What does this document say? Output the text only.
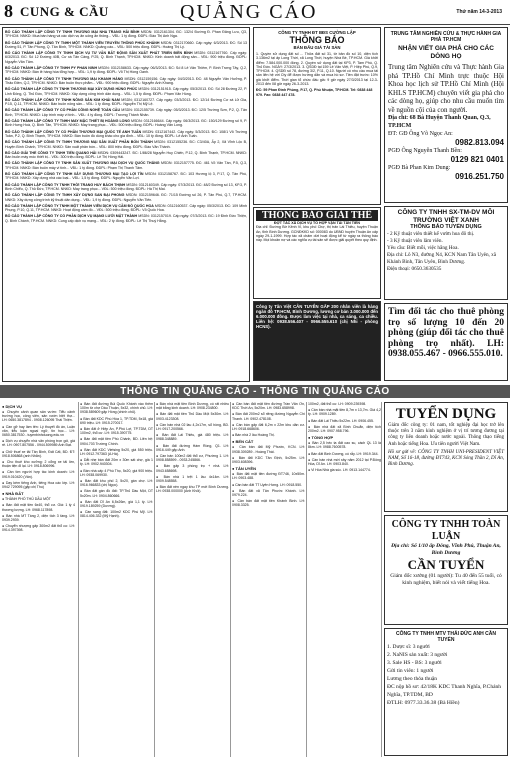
8 CUNG & CẦU	QUẢNG CÁO	Thứ năm 14-3-2013

BỐ CÁO THÀNH LẬP CÔNG TY TNHH THƯƠNG MẠI NHA TRANG HẢI BÌNH MSDN: 0312161304. ĐC: 132/4 Đường Đ. Phan Đăng Lưu, Q3, TP.HCM. NNKD: Mua bán hàng và các dịch vụ ăn uống ăn thông... VĐL: 1 tỷ đồng. ĐDPL: Đào Thị Anh Nga.

BỐ CÁO THÀNH LẬP CÔNG TY TNHH MỘT THÀNH VIÊN TRUYỀN THÔNG PHÚC KHÁNH MSDN: 0312170660. Cấp ngày: 6/3/2013. ĐC: Số 13 Đường 51, P. Tân Phong, Q. Tân Bình, TP.HCM. NNKD: Quảng cáo... VĐL: 500 triệu đồng. ĐDPL: Hoàng Thị Lý.

BỐ CÁO THÀNH LẬP CÔNG TY TNHH DỊCH VỤ TƯ VẤN BẤT ĐỘNG SẢN XUẤT PHÁT TRIỂN ĐIỀN BÌNH MSDN: 0312167760. Cấp ngày: 6/3/2013. ĐC: Số 12 Đường 40B, Cư xá Tân Cảng, P.25, Q. Bình Thạnh, TP.HCM. NNKD: Kinh doanh bất động sản... VĐL: 900 triệu đồng. ĐDPL: Nguyễn Văn Tâm.

BỐ CÁO THÀNH LẬP CÔNG TY TNHH PY PHAN NINH MSDN: 0312158633. Cấp ngày: 06/3/2013. ĐC: Số 8 Lê Văn Thiêm, P. Bình Trưng Tây, Q.2, TP.HCM. NNKD: Bán lẻ hàng hóa tổng hợp... VĐL: 1,9 tỷ đồng. ĐDPL: Võ Thị Hồng Oanh.

BỐ CÁO THÀNH LẬP CÔNG TY TNHH THƯƠNG MẠI KHANH HÀNG MSDN: 0312159156. Cấp ngày: 04/3/2013. ĐC: 48 Nguyễn Văn Hưởng, P. Thảo Điền, Q.2, TP.HCM. NNKD: Bán buôn thực phẩm... VĐL: 900 triệu đồng. ĐDPL: Nguyễn Anh Khang.

BỐ CÁO THÀNH LẬP CÔNG TY TNHH THƯƠNG MẠI XÂY DỰNG HÙNG PHÚC MSDN: 0312151915. Cấp ngày: 05/3/2013. ĐC: Số 28 Đường 22, P. Linh Đông, Q. Thủ Đức, TP.HCM. NNKD: Xây dựng công trình dân dụng... VĐL: 1,5 tỷ đồng. ĐDPL: Phạm Văn Hùng.

BỐ CÁO THÀNH LẬP CÔNG TY TNHH NÔNG SẢN KIM KHÁI NAM MSDN: 0312160727. Cấp ngày: 03/3/2013. ĐC: 12/14 Đường Cư xá Lữ Gia, P.15, Q.11, TP.HCM. NNKD: Bán buôn nông sản... VĐL: 1 tỷ đồng. ĐDPL: Nguyễn Thị Mỹ Lệ.

BỐ CÁO THÀNH LẬP CÔNG TY CỔ PHẦN CÔNG NGHỆ TOÀN CẦU MSDN: 0312155739. Cấp ngày: 05/3/2013. ĐC: 12/5 Trường Sơn, P.2, Q. Tân Bình, TP.HCM. NNKD: Lập trình máy vi tính... VĐL: 4 tỷ đồng. ĐDPL: Trương Thành Nhân.

BỐ CÁO THÀNH LẬP CÔNG TY TNHH MAY MẶC THIẾT BỊ HOÀNG LONG MSDN: 0312166644. Cấp ngày: 06/3/2013. ĐC: 150/129 Đường số 9, P. Bình Hưng Hoà, Q. Bình Tân, TP.HCM. NNKD: May trang phục... VĐL: 500 triệu đồng. ĐDPL: Hoàng Văn Long.

BỐ CÁO THÀNH LẬP CÔNG TY CỔ PHẦN THƯƠNG MẠI QUỐC TẾ ANH TUẤN MSDN: 0312167442. Cấp ngày: 5/3/2013. ĐC: 108/1 Võ Trường Toản, P.2, Q. Bình Thạnh, TP.HCM. NNKD: Bán buôn đồ dùng khác cho gia đình... VĐL: 10 tỷ đồng. ĐDPL: Lê Anh Tuấn.

BỐ CÁO THÀNH LẬP CÔNG TY TNHH THƯƠNG MẠI SẢN XUẤT PHẦN BỐN THÀNH MSDN: 0312155236. ĐC: C3/40A, Ấp 2, Xã Vĩnh Lộc B, Huyện Bình Chánh, TP.HCM. NNKD: Sản xuất phân bón... VĐL: 800 triệu đồng. ĐDPL: Đào Văn Thành.

BỐ CÁO GIẢI THỂ CÔNG TY TNHH TIẾN QUANG HẢI MSDN: 0309443247. ĐC: 1/86/28 Nguyễn Huy Chiến, P.12, Q. Bình Thạnh, TP.HCM. NNKD: Bán buôn máy móc thiết bị... VĐL: 300 triệu đồng. ĐDPL: Lê Thị Hồng Hải.

BỐ CÁO THÀNH LẬP CÔNG TY TNHH SẢN XUẤT THƯƠNG MẠI DỊCH VỤ QUỐC THẮNG MSDN: 0312157775. ĐC: 461 Võ Văn Tần, P.5, Q.3, TP.HCM. NNKD: Bán buôn máy vi tính... VĐL: 1 tỷ đồng. ĐDPL: Phạm Thị Thanh Tâm.

BỐ CÁO THÀNH LẬP CÔNG TY TNHH XÂY DỰNG THƯƠNG MẠI TẠO LỢI TÍN MSDN: 0312158767. ĐC: 103 Hương lộ 3, P.17, Q. Tân Phú, TP.HCM. NNKD: Xây dựng nhà các loại... VĐL: 1,5 tỷ đồng. ĐDPL: Nguyễn Văn Lợi.

BỐ CÁO THÀNH LẬP CÔNG TY TNHH THỜI TRANG HUY BÁCH THỊNH MSDN: 0312160349. Cấp ngày: 07/3/2013. ĐC: 48/2 Đường số 13, KP.3, P. Bình Chiểu, Q. Thủ Đức, TP.HCM. NNKD: May trang phục... VĐL: 500 triệu đồng. ĐDPL: Hà Thị Mai.

BỐ CÁO THÀNH LẬP CÔNG TY TNHH XÂY DỰNG SAN ĐẠI PHONG MSDN: 0312159646. ĐC: 71/15 Đường số 26, P. Tân Phú, Q.7, TP.HCM. NNKD: Xây dựng công trình kỹ thuật dân dụng... VĐL: 1,9 tỷ đồng. ĐDPL: Nguyễn Văn Tiến.

BỐ CÁO THÀNH LẬP CÔNG TY TNHH MỘT THÀNH VIÊN DỊCH VỤ CẦM ĐỒ QUỐC HOA MSDN: 0312160537. Cấp ngày: 05/3/2013. ĐC: 109 Minh Phụng, P.10, Q.11, TP.HCM. NNKD: Hoạt động cầm đồ... VĐL: 500 triệu đồng. ĐDPL: Võ Quốc Hoa.

BỐ CÁO THÀNH LẬP CÔNG TY CỔ PHẦN DỊCH VỤ MẠNG LƯỚI MẬT THÀNH MSDN: 0312157019. Cấp ngày: 07/3/2013. ĐC: 19 Đinh Đức Thiện, Q. Bình Chánh, TP.HCM. NNKD: Cung cấp dịch vụ mạng... VĐL: 2 tỷ đồng. ĐDPL: Lê Thị Thuý Hằng.

CÔNG TY TNHH ĐT BĐS CƯỜNG LẬP
THÔNG BÁO
BÁN ĐẤU GIÁ TÀI SẢN
1. Quyền sử dụng đất số ... Thửa đất số 31, tờ bản đồ số 10, diện tích 3.136m2 tại ấp Long Thới, xã Long Thới, huyện Nhà Bè, TP.HCM. Giá khởi điểm: 7.584.000.000 đồng. 2. Quyền sử dụng đất tại KP3, P. Tam Phú, Q. Thủ Đức. NGÀY: 27/3/2013. 3. QSDĐ tại 159 Lê Văn Việt, P. Hiệp Phú, Q.9, TP.HCM. 4. QSDĐ số 78, đường 3/2, P.11, Q.10. Người có nhu cầu mua tài sản liên hệ với Cty để được hướng dẫn và mua hồ sơ. Tiền đặt trước: 10% giá khởi điểm. Thời gian tổ chức đấu giá: 9 giờ ngày 27/3/2013 tại 12-3-2013 đến 08 giờ ngày 26-3-2013.
ĐC: 59 Phan Đình Phùng, P.17, Q. Phú Nhuận, TP.HCM. Tel: 0838 448 979. Fax: 0838 447 478.
THÔNG BÁO GIẢI THỂ
ĐỢT TÁC XÃ DỊCH VỤ TỔ HỢP VẬN TẢI TÂN TIẾN
Địa chỉ: Đường Bờ Kênh Vi, khu phố Chợ, thị trấn Lái Thiêu, huyện Thuận An, tỉnh Bình Dương. GCNĐKKD số: 000083 do UBND huyện Thuận An cấp ngày 29-1-1999. Hợp tác xã chấm dứt hoạt động kể từ ngày ra thông báo này. Mọi khoản nợ và các nghĩa vụ tài sản sẽ được giải quyết theo quy định.
Công ty Tân Việt CÂN TUYỂN GẤP 200 nhân viên là hàng ngàn đồ TP.HCM, Bình Dương, lương cơ bản 3.000.000 đến 6.000.000 đồng. Được làm việc tại nhà, ca sáng, ca chiều. Liên hệ: 0938.556.407 - 0966.555.610 (chị Nhi - phòng HCNS).
TRUNG TÂM NGHIÊN CỨU & THỰC HÀNH GIA PHẢ TP.HCM
NHẬN VIẾT GIA PHẢ CHO CÁC DÒNG HỌ
Trung tâm Nghiên cứu và Thực hành Gia phả TP.Hồ Chí Minh trực thuộc Hội Khoa học lịch sử TP.Hồ Chí Minh (Hội KHLS TP.HCM) chuyên viết gia phả cho các dòng họ, giúp cho nhu cầu muốn tìm về nguồn cội của con người.
Địa chỉ: 68 Bà Huyện Thanh Quan, Q.3, TP.HCM
ĐT: GĐ Ông Võ Ngọc An:
0982.813.094
PGĐ Ông Nguyễn Thanh Bền:
0129 821 0401
PGĐ Bà Phan Kim Dung:
0916.251.750
CÔNG TY TNHH SX-TM-DV MÔI TRƯỜNG VIỆT XANH
THÔNG BÁO TUYỂN DỤNG
- 2 Kỹ thuật viên thiết kế vườn hoa đô thị.
- 3 Kỹ thuật viên lâm viên.
Yêu cầu: Biết mỗi, việc hằng Hoa.
Địa chỉ: Lô N3, đường N4, KCN Nam Tân Uyên, xã Khánh Bình, Tân Uyên, Bình Dương.
Điện thoại: 0650.3630535
Tìm đối tác cho thuê phòng trọ số lượng 10 đến 20 phòng (giúp đối tác cho thuê phòng trọ nhất). LH: 0938.055.467 - 0966.555.010.
THÔNG TIN QUẢNG CÁO - THÔNG TIN QUẢNG CÁO
● DỊCH VỤ

● Chuyên cảnh quan sân vườn: Tiểu cảnh trường học, công viên, sân vườn biệt thự... LH: 0650.3817894 - 0908.126095 Thái Thiện.

● Cần gỡ hay làm tên: Lý thuyết đồ án, Luận văn, tiểu luận ngoại ngữ, tin học... LH: 0650.3817530 - tuyenbinhduong.edu.vn

● Dịch vụ chuyển nhà văn phòng trọn gói, giá rẻ. LH: 0907.807556 - 0944.509989 Anh Đạt.

● Chữ thuế xe tải Tân Bình, Đất Cất, BD. ĐT: 0918.506868 (anh Nhẫn).

● Cho thuê kho xưởng: 2 cổng xe tải lớn, thuận tiện đi lại. LH: 0918.806996.

● Cần tìm người hợp tác kinh doanh: LH: 0919.010420 (Vân).

● Dạy kèm tiếng Anh, tiếng Hoa các lớp. LH: 0942 729095 (gặp chị Thu)

● NHÀ ĐẤT

● THÀNH PHỐ THỦ DẦU MỘT

● Bán đất mặt tiền 6x40, thổ cư. Giá: 1 tỷ 4 thương lượng. LH: 0968.117898.

● Bán nhà MT Tầng 2, diện tích 3 tầng. LH: 0939.2939.

● Chuyển nhượng gấp 300m2 đất thổ cư. LH: 0914.397398.

● Bán đất đường Bùi Quốc Khánh vào thêm 100m từ chợ Dầu Thuận, 5x32, chính chủ. LH: 0938.589609 gặp Hồng (chính chủ).

● Bán đất KDC Phú Hòa 1, TP.TDM, 5x18, giá 690 triệu. LH: 0915.270017.

● Bán đất ở Hiệp An, P.Phú Lợi, TP.TDM, DT 100m2, thổ cư. LH: 0915.390775.

● Bán đất mặt tiền Phú Chánh, BD. Liên hệ: 0904.703 Trường Chính.

● Bán đất KDC Vietsing 5x20, giá 550 triệu. LH: 0912.797363 (A.Hà).

● Dắt nhẹ bán đất 20m x 30m sát chợ, giá 1 tỷ. LH: 0902.940304.

● Bán nhà cấp 4 Phú Thọ, 5x20, giá 900 triệu. LH: 0938.069930.

● Bán đất khu phố 2, 5x20, gần chợ. LH: 0916.966833 (chị Ngọc).

● Bán đất gần đồ đất: TP.Thủ Dầu Một, DT 5x20m. LH: 0904.860666.

● Bán đất Dĩ An 6,5x26m, giá 1,1 tỷ. LH: 0919.189259 (Dương).

● Cần sang đất: 100m2 KDC Phú Mỹ. LH: 0814.406.332 (Mỹ Hạnh).

● Bán nhà mặt tiền Bình Dương, có rất nhiều mặt bằng kinh doanh. LH: 0908.234800.

● Bán đất mặt tiền Thủ Dầu Một 5x30m. LH: 0903.4123308.

● Cần bán nhà 02 lầu 4,2x17m, sổ hồng, BD. LH: 0917.200566.

● Bán đất Lái Thiêu, giá 480 triệu. LH: 0988.348889.

● Bán đất đường Hàm Rồng, Q1. LH: 0916.449 gặp Anh.

● Cần bán 100m2 đất thổ cư, Phường 1. LH: 0908.858599 - 0933.245866.

● Bán gấp 3 phòng trọ + nhà. LH: 0943.658698.

● Bán nhà 1 trệt 1 lầu 4x14m. LH: 0909.548558.

● Bán đất nền ngay khu TP mới Bình Dương. LH: 0938.000000 (Anh Khôi).

● Cần bán đất mặt tiền đường Trần Văn Ơn, KDC Thới An, 5x20m. LH: 0983.658998.

● Bán đất 200m2 sổ riêng đường Nguyễn Chí Thanh. LH: 0902.478108.

● Cần bán gấp đất 6,2m x 22m khu dân cư. LH: 0918.668606.

● Bán nhà 2 lầu Hoàng Thị.

● BẾN CÁT

● Cần bán đất Mỹ Phước, KCN. LH: 0938.309289 - Hoàng Thái.

● Bán đất KDC Tân Định, 5x25m. LH: 0903.608396.

● TÂN UYÊN

● Bán đất mặt tiền đường ĐT746, 10x50m. LH: 0903.488.

● Cần bán đất TT Uyên Hưng. LH: 0918.550.

● Bán đất xã Tân Phước Khánh. LH: 0979.224.

● Cần bán đất mặt tiền Khánh Bình. LH: 0908.3325.

100m2, đất thổ cư. LH: 0909.239398.

● Cần bán nhà mặt tiền 8,7m x 13,7m. Giá 4,2 tỷ. LH: 0909.1289.

● Bán đất Lái Thiêu 5x22m. LH: 0906.455.

● Bán nhà đất xã Bình Chuẩn, diện tích 200m2. LH: 0907.958.796.

● TỔNG HỢP

● Bán 2,5 héc ta đất cao su, cách QL 13 là 8km. LH: 0988.7600578.

● Bán đất Bình Dương, có rẫy. LH: 0919.344.

● Cần bán nhà mới xây năm 2012 tại P.Đông Hòa, Dĩ An. LH: 0903.840.

● Vi Hòa Nhà gia súc. LH: 0913.144774.

TUYỂN DỤNG
Giám đốc công ty: 01 nam, tốt nghiệp đại học trở lên thuộc trên 3 năm kinh nghiệm ở vị trí tương đương tại công ty liên doanh hoặc nước ngoài. Thông thạo tiếng Anh hoặc tiếng Hoa. Ưu tiên người Việt Nam.
Hồ sơ gửi về: CÔNG TY TNHH UNI-PRESIDENT VIỆT NAM, Số 16-18, đường ĐT743, KCN Sóng Thần 2, Dĩ An, Bình Dương.
CÔNG TY TNHH TOÀN LUẬN
Địa chỉ: Số 1/10 ấp Đông, Vĩnh Phú, Thuận An, Bình Dương
CẦN TUYỂN
Giám đốc xưởng (01 người): Tu 40 đến 55 tuổi, có kinh nghiệm, biết nói và viết tiếng Hoa.
CÔNG TY TNHH MTV THÁI ĐỨC ANH CẦN TUYỂN
1. Dược sĩ: 3 người
2. NaNIS sản xuất: 3 người
3. Sale HS - BS: 3 người
Gửi tin viên: 1 người
Lương theo thỏa thuận
ĐC nộp hồ sơ: 42/18K KDC Thanh Nghĩa, P.Chánh Nghĩa, TP.TDM, BD
ĐTLH: 0977.33.36.38 (Bà Hiền)
